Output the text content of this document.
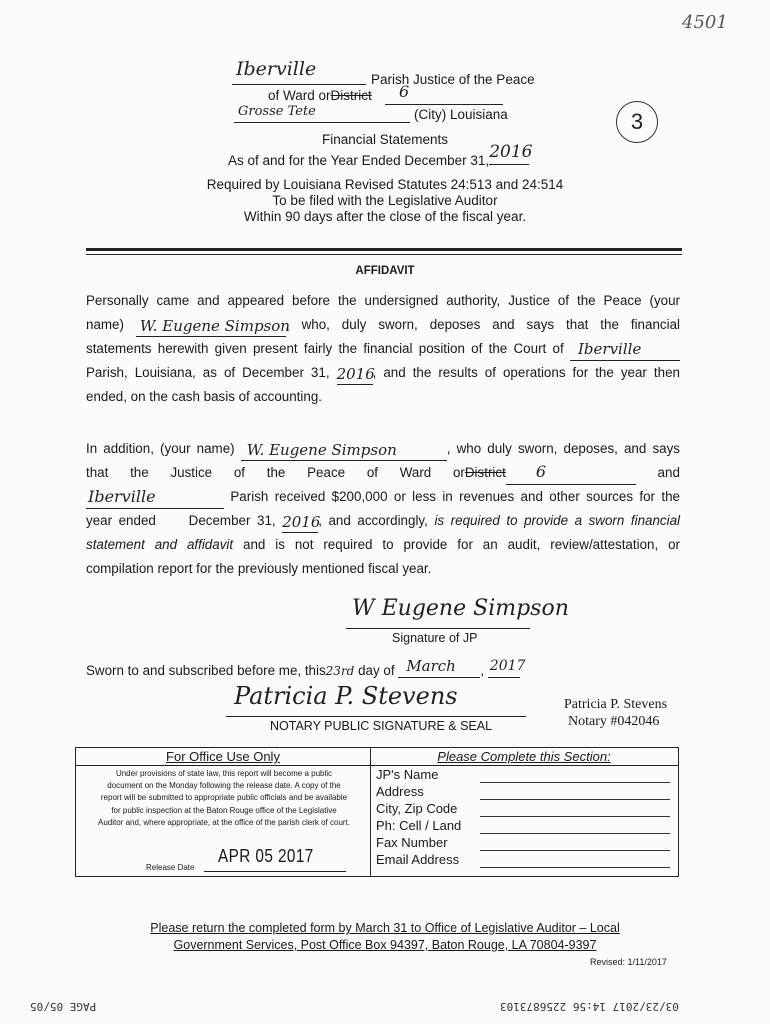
4501
3
Iberville	Parish Justice of the Peace
of Ward orDistrict 6
Grosse Tete	(City) Louisiana
Financial Statements
As of and for the Year Ended December 31, 2016
Required by Louisiana Revised Statutes 24:513 and 24:514
To be filed with the Legislative Auditor
Within 90 days after the close of the fiscal year.
AFFIDAVIT
Personally came and appeared before the undersigned authority, Justice of the Peace (your
name) W. Eugene Simpson
, who, duly sworn, deposes and says that the financial
statements herewith given present fairly the financial position of the Court of Iberville
Parish, Louisiana, as of December 31, 2016
, and the results of operations for the year then
ended, on the cash basis of accounting.
In addition, (your name) W. Eugene Simpson	, who duly sworn, deposes, and says
that the Justice of the Peace of Ward orDistrict 6	and
Iberville	Parish received $200,000 or less in revenues and other sources for the
year ended     December 31, 2016
, and accordingly, is required to provide a sworn financial
statement and affidavit and is not required to provide for an audit, review/attestation, or
compilation report for the previously mentioned fiscal year.
W Eugene Simpson
Signature of JP
Sworn to and subscribed before me, this23rd day of March , 2017
Patricia P. Stevens
NOTARY PUBLIC SIGNATURE & SEAL
Patricia P. Stevens
Notary #042046
For Office Use Only
Under provisions of state law, this report will become a public document on the Monday following the release date. A copy of the report will be submitted to appropriate public officials and be available for public inspection at the Baton Rouge office of the Legislative Auditor and, where appropriate, at the office of the parish clerk of court.
Release Date
APR 05 2017
Please Complete this Section:
JP's Name
Address
City, Zip Code
Ph: Cell / Land
Fax Number
Email Address
Please return the completed form by March 31 to Office of Legislative Auditor – Local
Government Services, Post Office Box 94397, Baton Rouge, LA 70804-9397
Revised: 1/11/2017
PAGE 05/05	03/23/2017 14:56 2256873103
